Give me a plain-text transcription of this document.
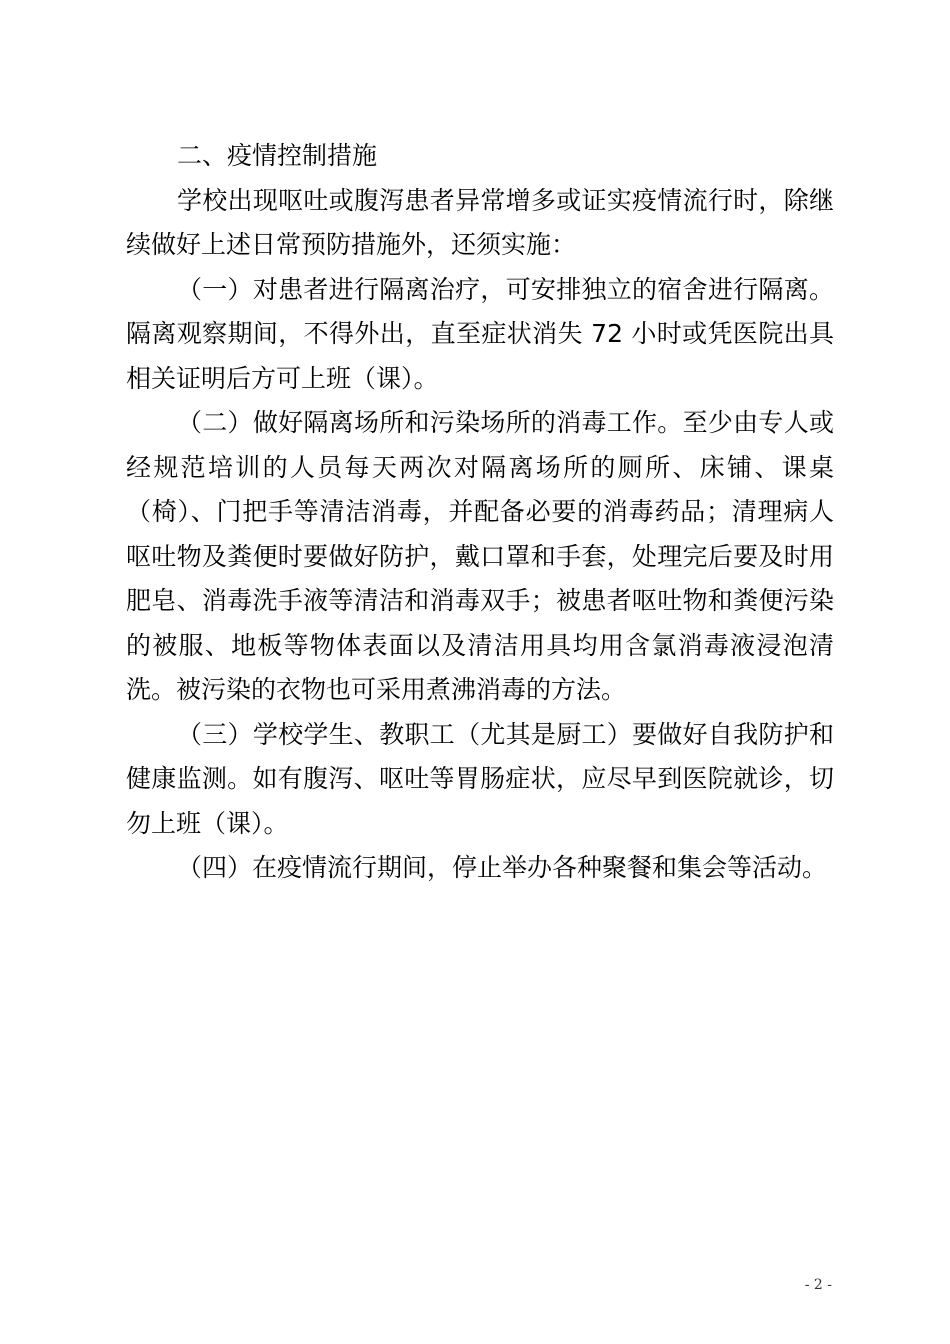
二、疫情控制措施

学校出现呕吐或腹泻患者异常增多或证实疫情流行时，除继续做好上述日常预防措施外，还须实施：

（一）对患者进行隔离治疗，可安排独立的宿舍进行隔离。隔离观察期间，不得外出，直至症状消失 72 小时或凭医院出具相关证明后方可上班（课）。

（二）做好隔离场所和污染场所的消毒工作。至少由专人或经规范培训的人员每天两次对隔离场所的厕所、床铺、课桌（椅）、门把手等清洁消毒，并配备必要的消毒药品；清理病人呕吐物及粪便时要做好防护，戴口罩和手套，处理完后要及时用肥皂、消毒洗手液等清洁和消毒双手；被患者呕吐物和粪便污染的被服、地板等物体表面以及清洁用具均用含氯消毒液浸泡清洗。被污染的衣物也可采用煮沸消毒的方法。

（三）学校学生、教职工（尤其是厨工）要做好自我防护和健康监测。如有腹泻、呕吐等胃肠症状，应尽早到医院就诊，切勿上班（课）。

（四）在疫情流行期间，停止举办各种聚餐和集会等活动。

- 2 -
